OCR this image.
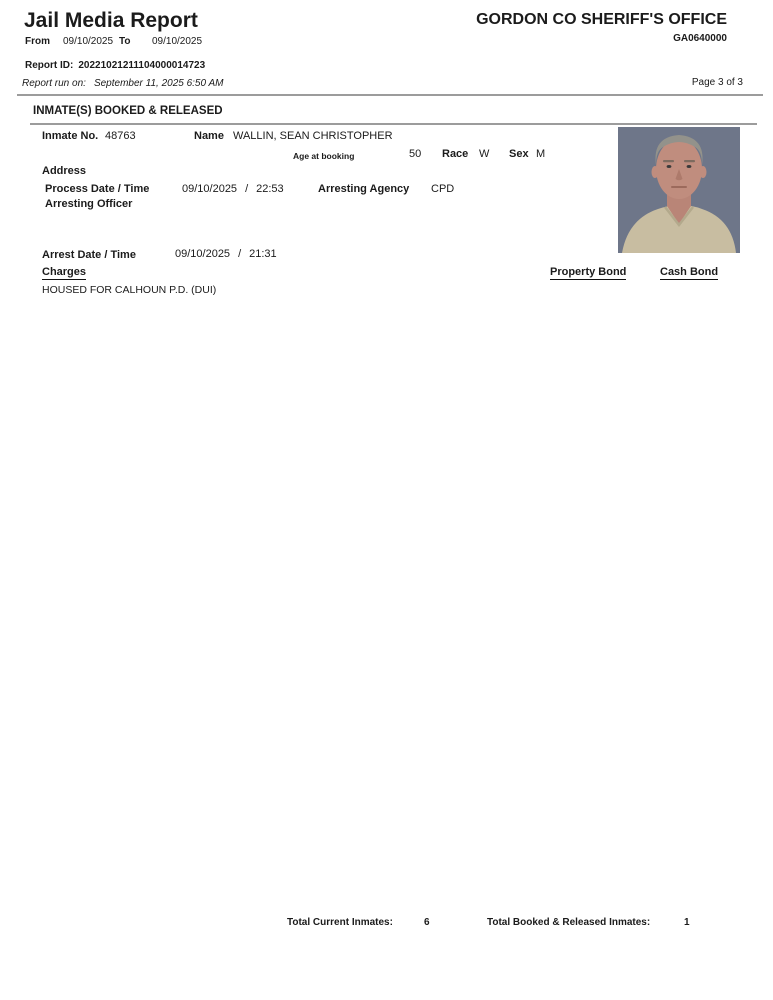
Jail Media Report	GORDON CO SHERIFF'S OFFICE
From 09/10/2025 To 09/10/2025	GA0640000
Report ID: 20221021211104000014723
Report run on: September 11, 2025 6:50 AM	Page 3 of 3
INMATE(S) BOOKED & RELEASED
Inmate No. 48763	Name WALLIN, SEAN CHRISTOPHER
Age at booking	50 Race W Sex M
Address
Process Date / Time	09/10/2025 / 22:53	Arresting Agency CPD
Arresting Officer
Arrest Date / Time	09/10/2025 / 21:31
Charges	Property Bond	Cash Bond
HOUSED FOR CALHOUN P.D. (DUI)
Total Current Inmates:	6	Total Booked & Released Inmates:	1
